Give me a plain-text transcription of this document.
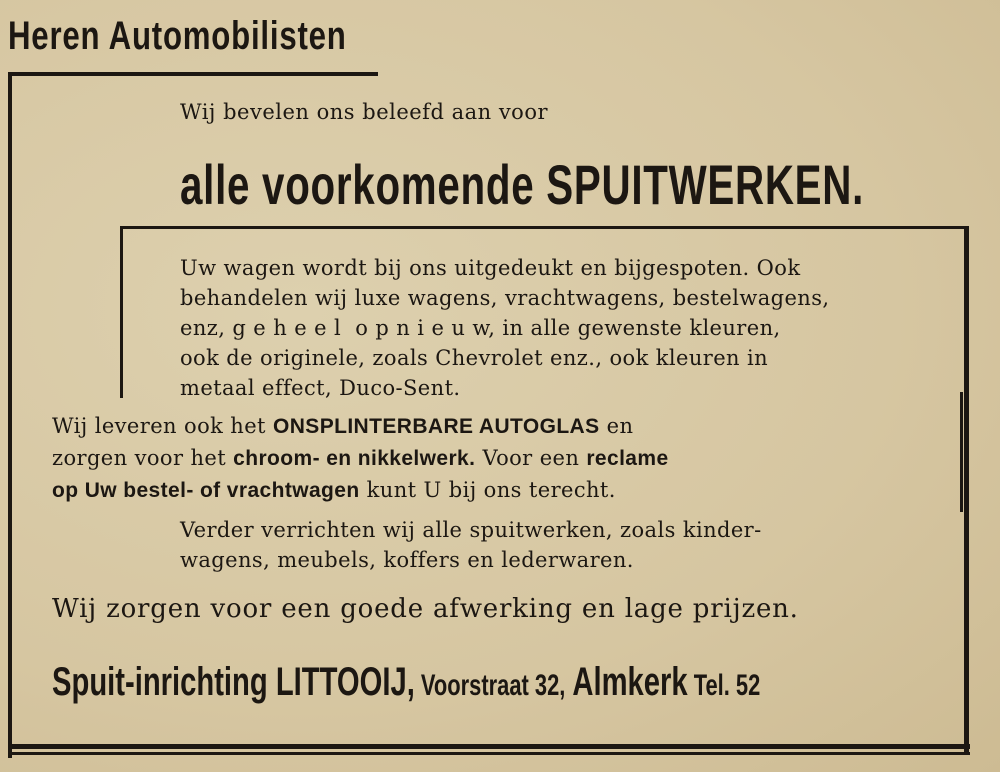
Heren Automobilisten
Wij bevelen ons beleefd aan voor
alle voorkomende SPUITWERKEN.
Uw wagen wordt bij ons uitgedeukt en bijgespoten. Ook
behandelen wij luxe wagens, vrachtwagens, bestelwagens,
enz, g e h e e l  o p n i e u w, in alle gewenste kleuren,
ook de originele, zoals Chevrolet enz., ook kleuren in
metaal effect, Duco-Sent.
Wij leveren ook het ONSPLINTERBARE AUTOGLAS en
zorgen voor het chroom- en nikkelwerk. Voor een reclame
op Uw bestel- of vrachtwagen kunt U bij ons terecht.
Verder verrichten wij alle spuitwerken, zoals kinder-
wagens, meubels, koffers en lederwaren.
Wij zorgen voor een goede afwerking en lage prijzen.
Spuit-inrichting LITTOOIJ, Voorstraat 32, Almkerk Tel. 52
